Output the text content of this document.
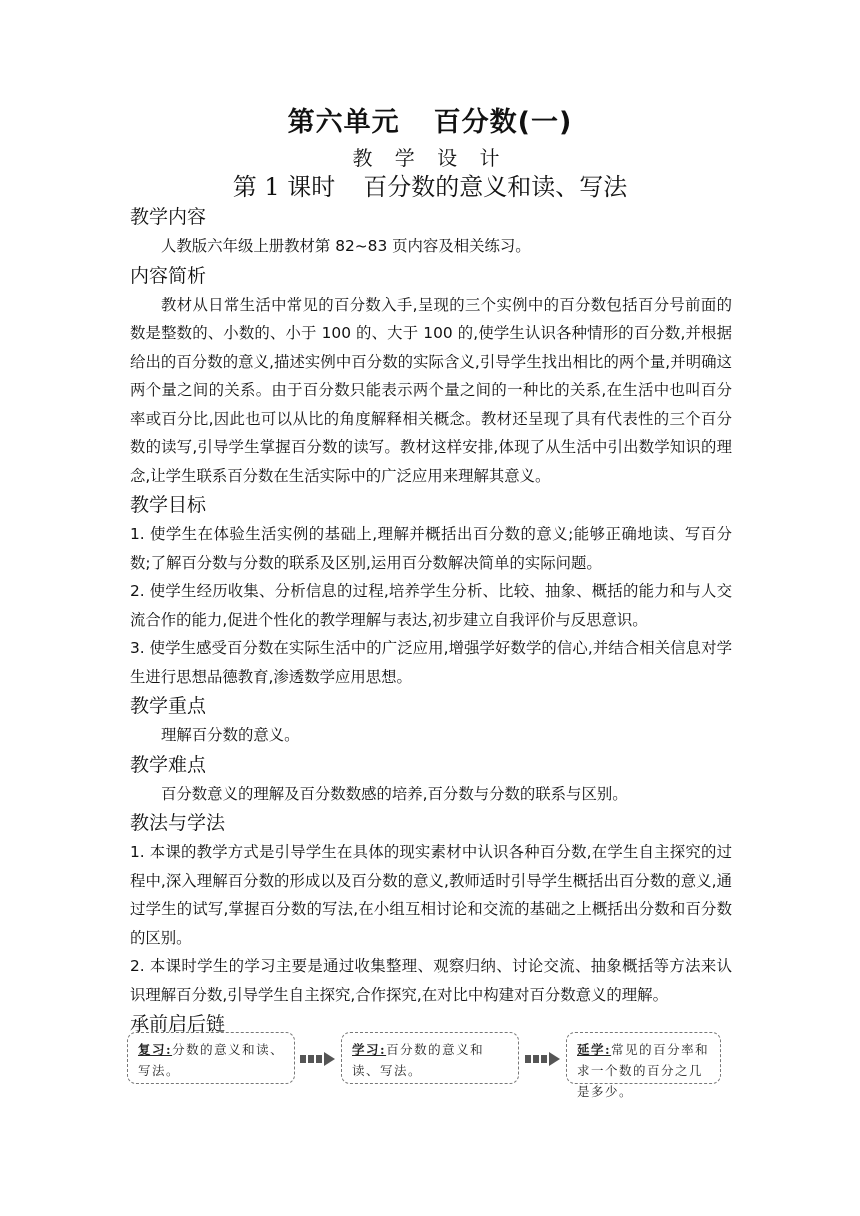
第六单元 百分数(一)
教 学 设 计
第 1 课时 百分数的意义和读、写法
教学内容

人教版六年级上册教材第 82~83 页内容及相关练习。

内容简析

教材从日常生活中常见的百分数入手,呈现的三个实例中的百分数包括百分号前面的数是整数的、小数的、小于 100 的、大于 100 的,使学生认识各种情形的百分数,并根据给出的百分数的意义,描述实例中百分数的实际含义,引导学生找出相比的两个量,并明确这两个量之间的关系。由于百分数只能表示两个量之间的一种比的关系,在生活中也叫百分率或百分比,因此也可以从比的角度解释相关概念。教材还呈现了具有代表性的三个百分数的读写,引导学生掌握百分数的读写。教材这样安排,体现了从生活中引出数学知识的理念,让学生联系百分数在生活实际中的广泛应用来理解其意义。

教学目标

1. 使学生在体验生活实例的基础上,理解并概括出百分数的意义;能够正确地读、写百分数;了解百分数与分数的联系及区别,运用百分数解决简单的实际问题。

2. 使学生经历收集、分析信息的过程,培养学生分析、比较、抽象、概括的能力和与人交流合作的能力,促进个性化的教学理解与表达,初步建立自我评价与反思意识。

3. 使学生感受百分数在实际生活中的广泛应用,增强学好数学的信心,并结合相关信息对学生进行思想品德教育,渗透数学应用思想。

教学重点

理解百分数的意义。

教学难点

百分数意义的理解及百分数数感的培养,百分数与分数的联系与区别。

教法与学法

1. 本课的教学方式是引导学生在具体的现实素材中认识各种百分数,在学生自主探究的过程中,深入理解百分数的形成以及百分数的意义,教师适时引导学生概括出百分数的意义,通过学生的试写,掌握百分数的写法,在小组互相讨论和交流的基础之上概括出分数和百分数的区别。

2. 本课时学生的学习主要是通过收集整理、观察归纳、讨论交流、抽象概括等方法来认识理解百分数,引导学生自主探究,合作探究,在对比中构建对百分数意义的理解。

承前启后链
复习:分数的意义和读、写法。
学习:百分数的意义和读、写法。
延学:常见的百分率和求一个数的百分之几是多少。
